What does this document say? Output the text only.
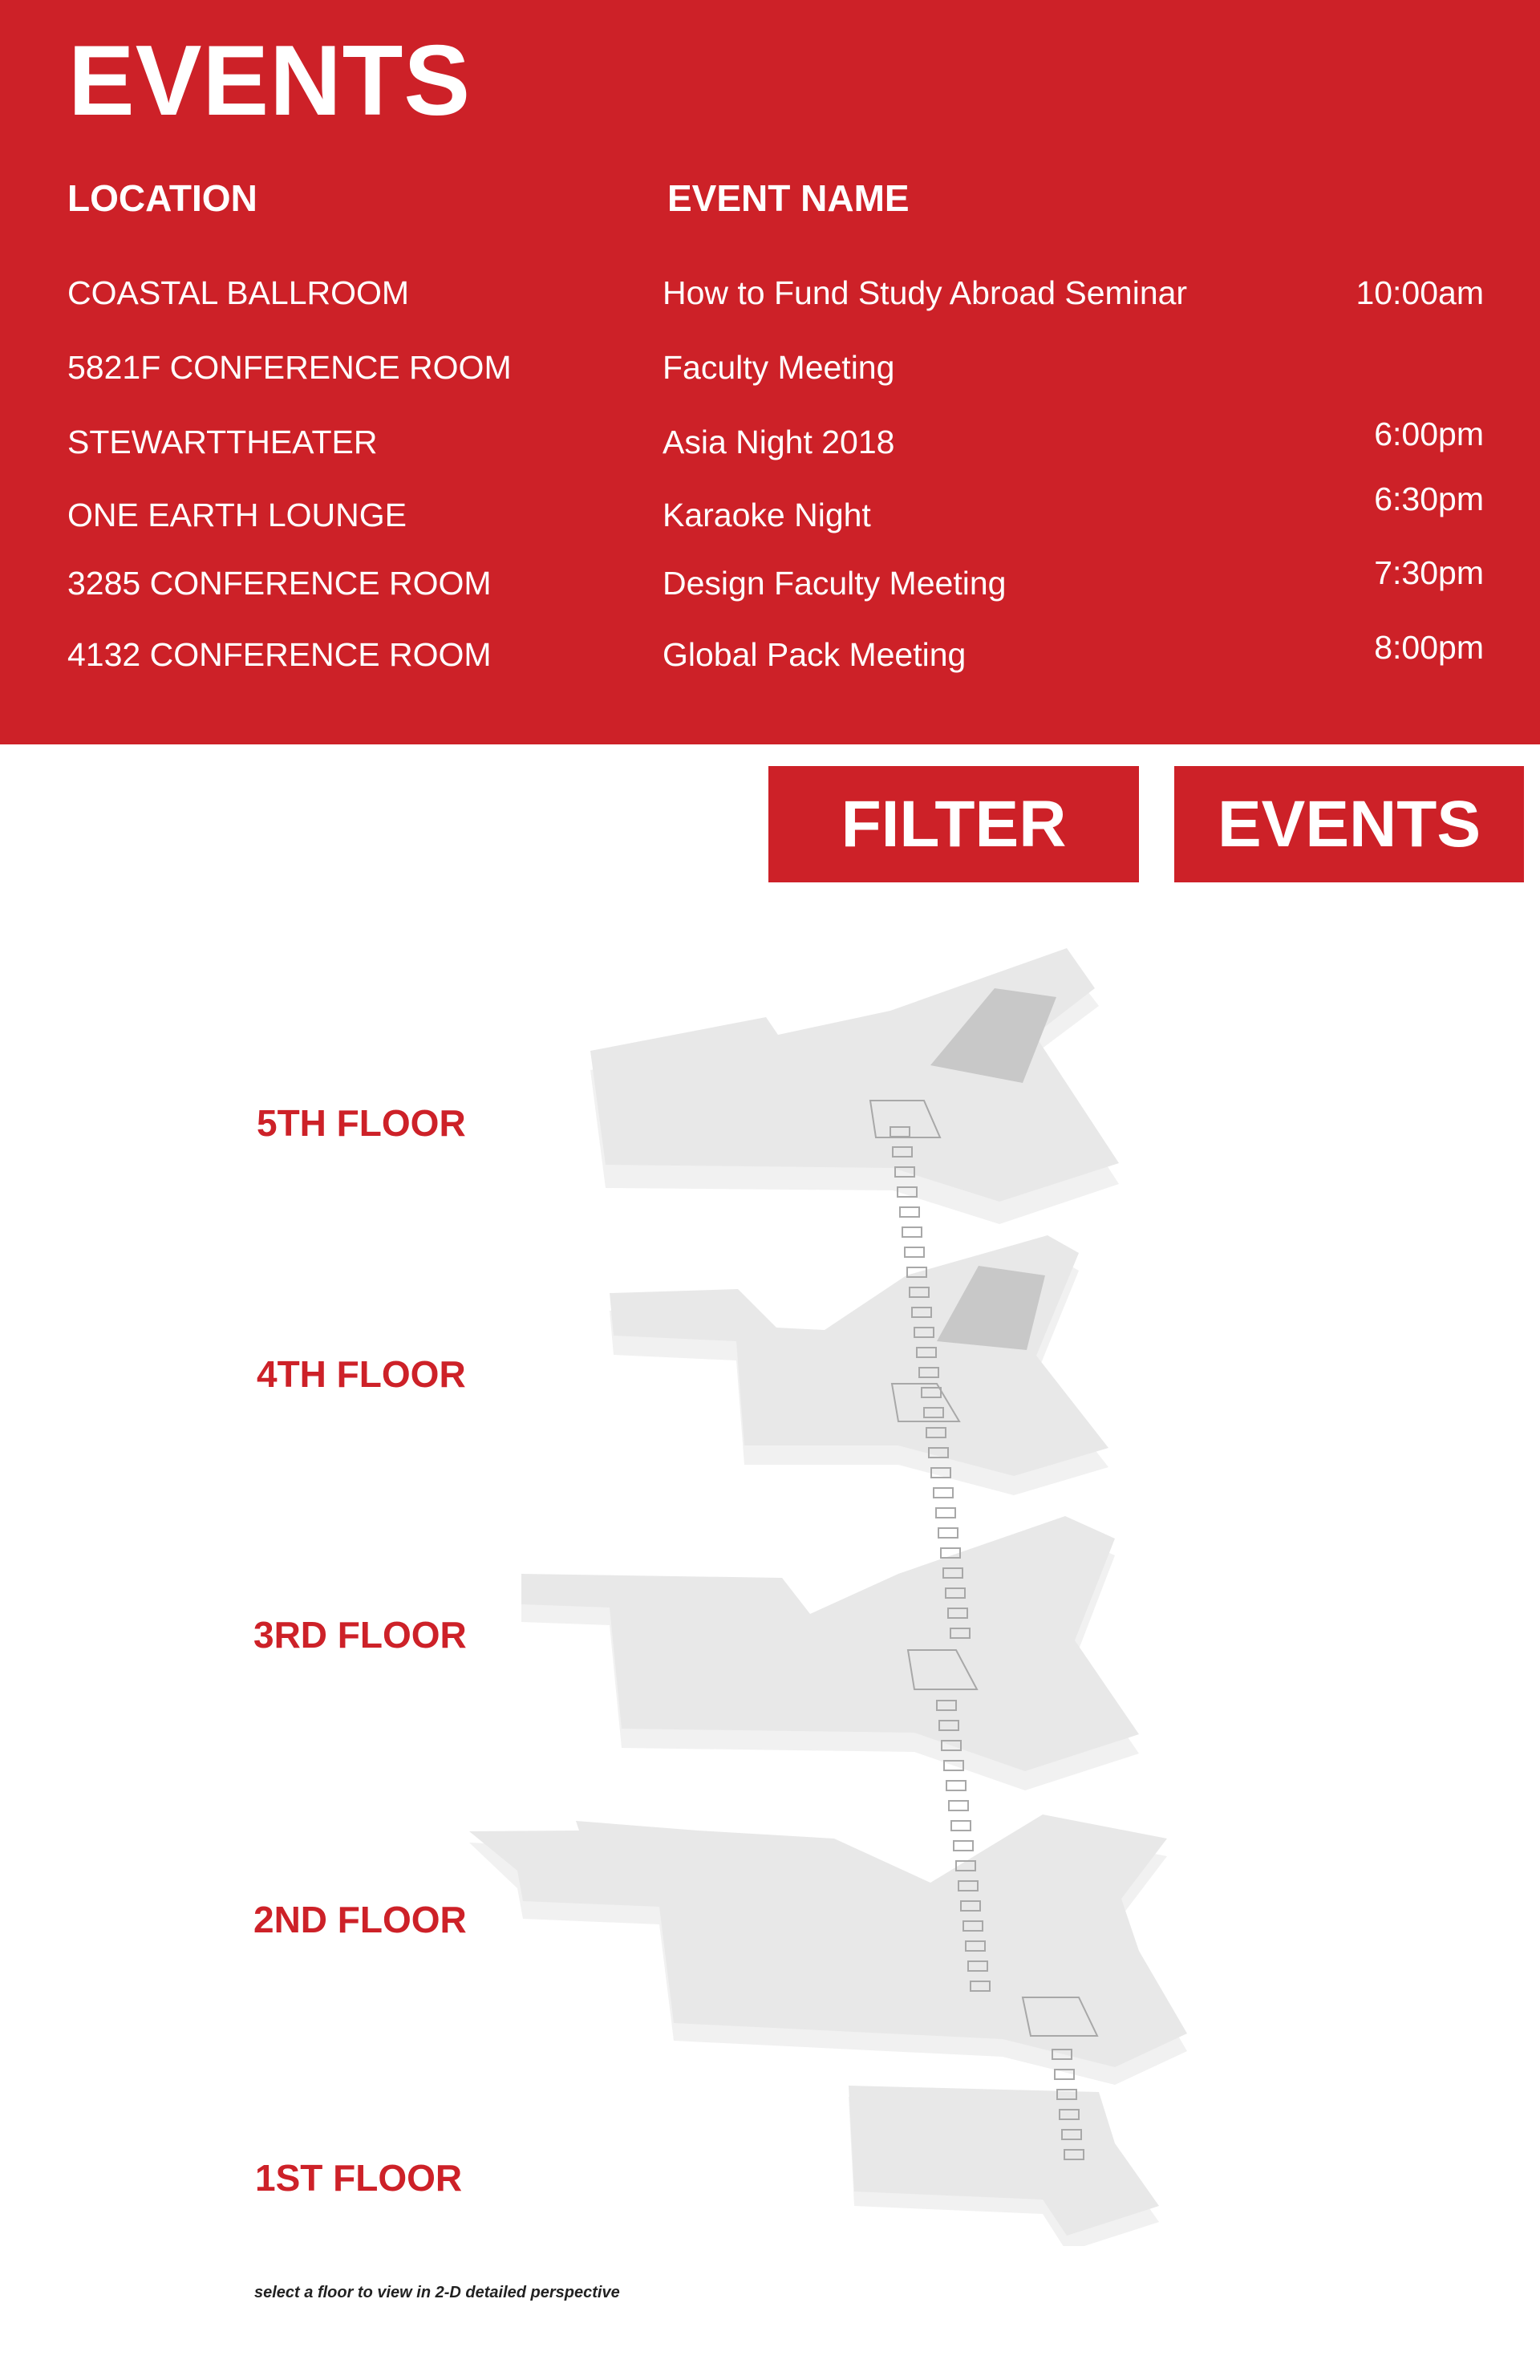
EVENTS
LOCATION	EVENT NAME
COASTAL BALLROOM	How to Fund Study Abroad Seminar	10:00am
5821F CONFERENCE ROOM	Faculty Meeting
STEWARTTHEATER	Asia Night 2018	6:00pm
ONE EARTH LOUNGE	Karaoke Night	6:30pm
3285 CONFERENCE ROOM	Design Faculty Meeting	7:30pm
4132 CONFERENCE ROOM	Global Pack Meeting	8:00pm
FILTER	EVENTS
5TH FLOOR
4TH FLOOR
3RD FLOOR
2ND FLOOR
1ST FLOOR
select a floor to view in 2-D detailed perspective
